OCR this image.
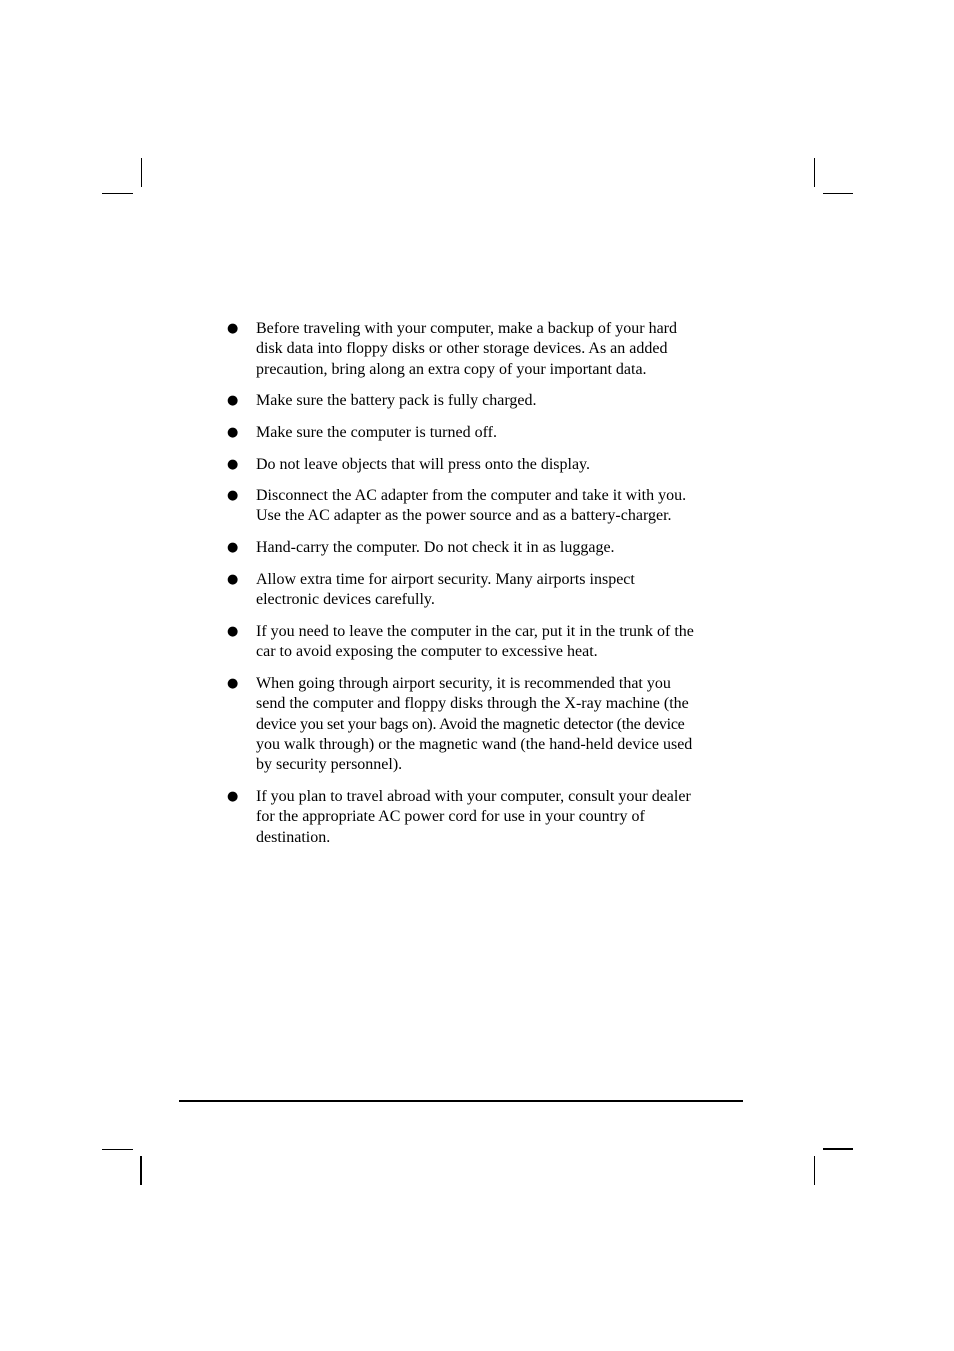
● Before traveling with your computer, make a backup of your hard
disk data into floppy disks or other storage devices. As an added
precaution, bring along an extra copy of your important data.
● Make sure the battery pack is fully charged.
● Make sure the computer is turned off.
● Do not leave objects that will press onto the display.
● Disconnect the AC adapter from the computer and take it with you.
Use the AC adapter as the power source and as a battery-charger.
● Hand-carry the computer. Do not check it in as luggage.
● Allow extra time for airport security. Many airports inspect
electronic devices carefully.
● If you need to leave the computer in the car, put it in the trunk of the
car to avoid exposing the computer to excessive heat.
● When going through airport security, it is recommended that you
send the computer and floppy disks through the X-ray machine (the
device you set your bags on). Avoid the magnetic detector (the device
you walk through) or the magnetic wand (the hand-held device used
by security personnel).
● If you plan to travel abroad with your computer, consult your dealer
for the appropriate AC power cord for use in your country of
destination.
